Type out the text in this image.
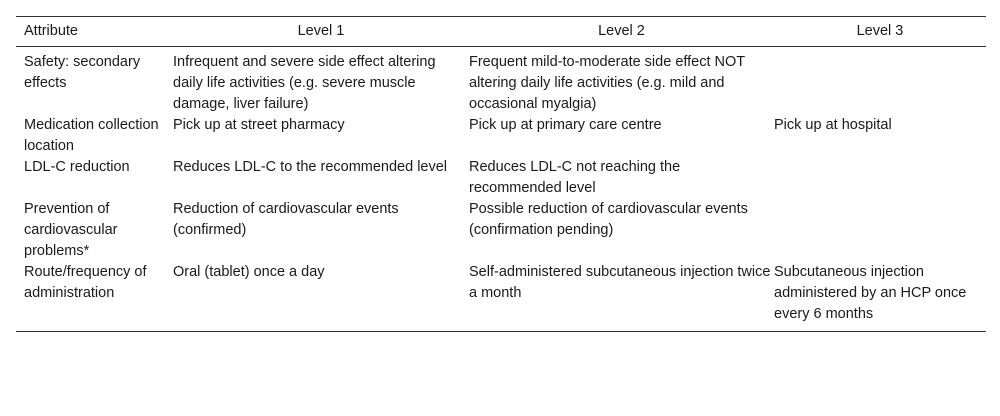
Attribute	Level 1	Level 2	Level 3
Safety: secondary effects	Infrequent and severe side effect altering daily life activities (e.g. severe muscle damage, liver failure)	Frequent mild-to-moderate side effect NOT altering daily life activities (e.g. mild and occasional myalgia)	
Medication collection location	Pick up at street pharmacy	Pick up at primary care centre	Pick up at hospital
LDL-C reduction	Reduces LDL-C to the recommended level	Reduces LDL-C not reaching the recommended level	
Prevention of cardiovascular problems*	Reduction of cardiovascular events (confirmed)	Possible reduction of cardiovascular events (confirmation pending)	
Route/frequency of administration	Oral (tablet) once a day	Self-administered subcutaneous injection twice a month	Subcutaneous injection administered by an HCP once every 6 months
